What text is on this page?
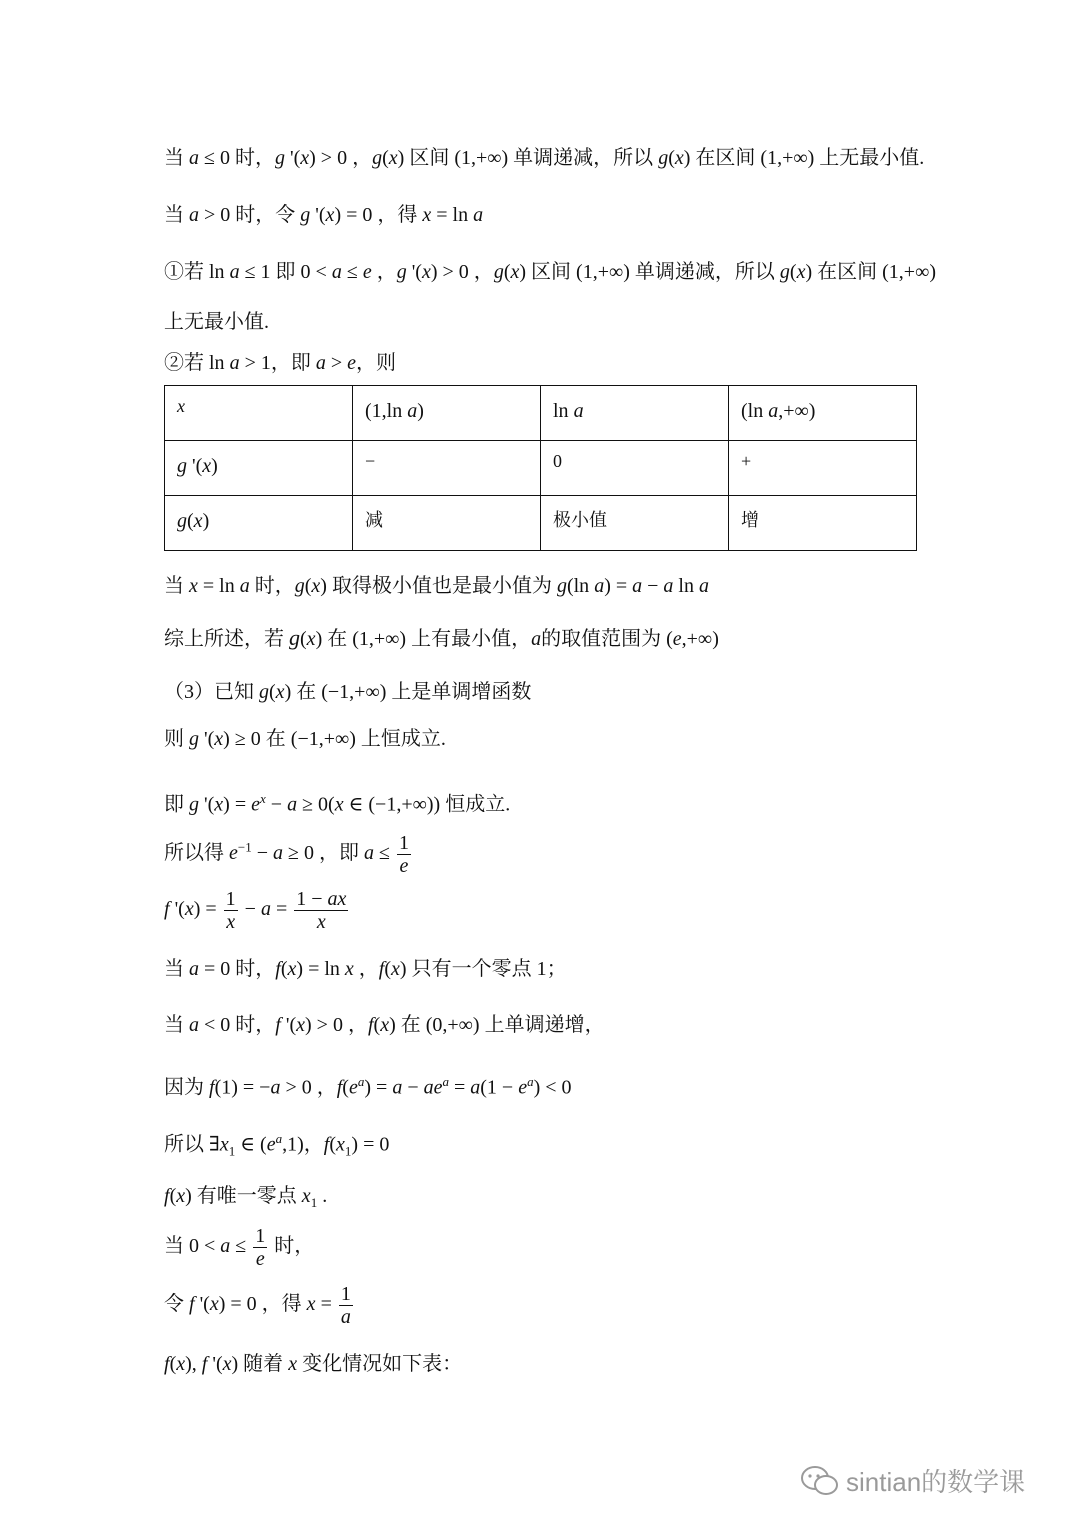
当 a ≤ 0 时，g '(x) > 0 ，g(x) 区间 (1,+∞) 单调递减，所以 g(x) 在区间 (1,+∞) 上无最小值.
当 a > 0 时，令 g '(x) = 0 ，得 x = ln a
①若 ln a ≤ 1 即 0 < a ≤ e ，g '(x) > 0 ，g(x) 区间 (1,+∞) 单调递减，所以 g(x) 在区间 (1,+∞)
上无最小值.
②若 ln a > 1，即 a > e，则
x	(1,ln a)	ln a	(ln a,+∞)
g '(x)	−	0	+
g(x)	减	极小值	增
当 x = ln a 时，g(x) 取得极小值也是最小值为 g(ln a) = a − a ln a
综上所述，若 g(x) 在 (1,+∞) 上有最小值，a的取值范围为 (e,+∞)
（3）已知 g(x) 在 (−1,+∞) 上是单调增函数
则 g '(x) ≥ 0 在 (−1,+∞) 上恒成立.
即 g '$(x) = e^x - a \ge 0(x$ ∈ (−1,+∞)) 恒成立.
所以得 $e^{-1} - a \ge 0$ ，即 $a \le \frac{1}{e}$
f '$(x) = \frac{1}{x} - a = \frac{1 - ax}{x}$
当 a = 0 时，f(x) = ln x ，f(x) 只有一个零点 1；
当 a < 0 时，f '(x) > 0 ，f(x) 在 (0,+∞) 上单调递增，
因为 f(1) = −a > 0 ，$f(e^a) = a - ae^a = a(1 - e^a) < 0$
所以 $\exists x_1$ ∈ $(e^a,1)$，$f(x_1) = 0$
f(x) 有唯一零点 $x_1$ .
当 $0 < a \le \frac{1}{e}$ 时，
令 f '(x) = 0 ，得 $x = \frac{1}{a}$
f(x), f '(x) 随着 x 变化情况如下表：
sintian的数学课
